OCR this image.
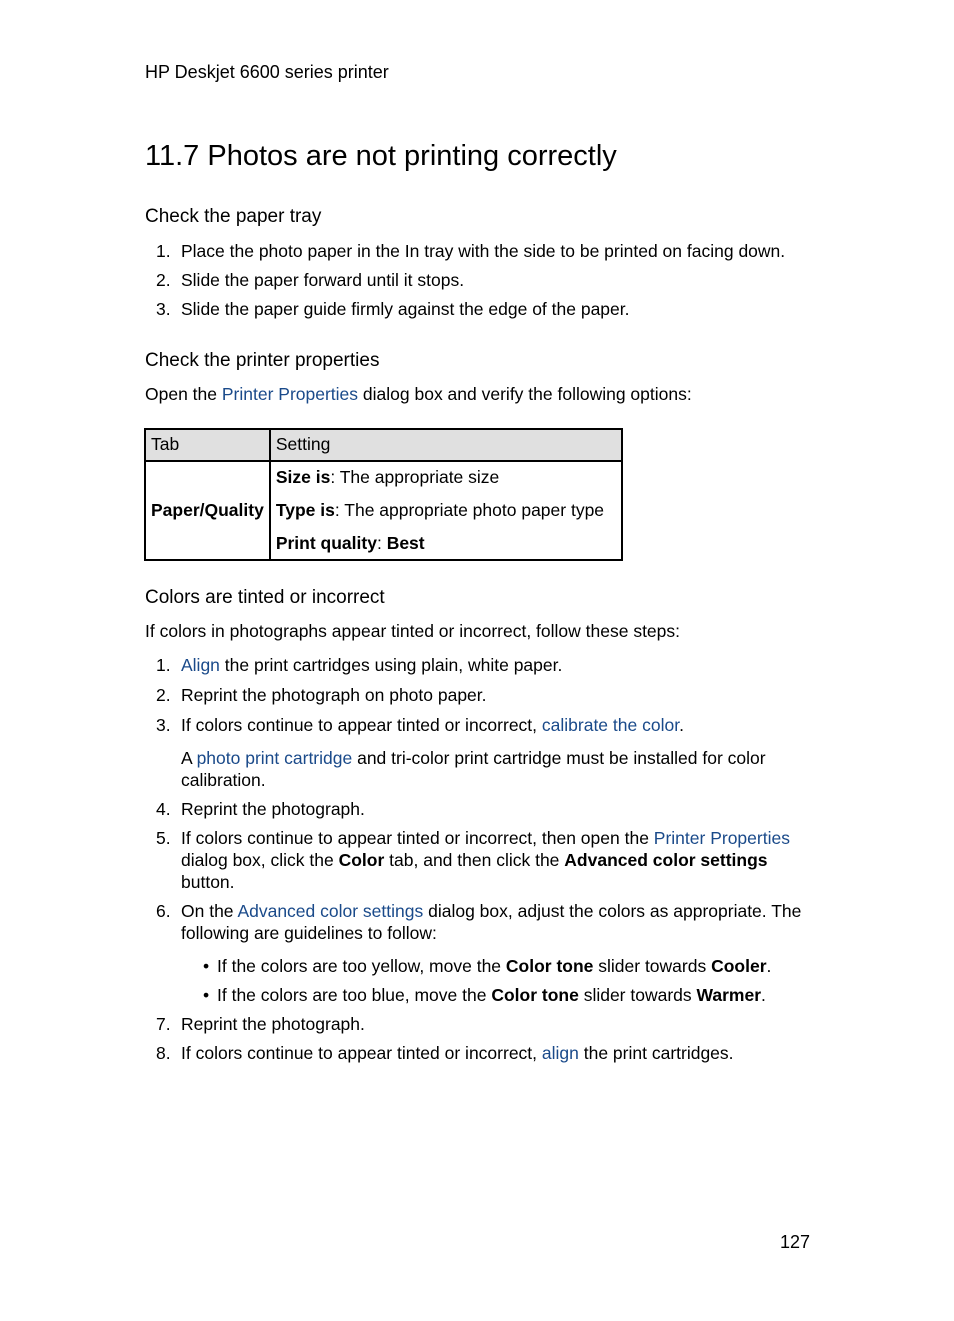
HP Deskjet 6600 series printer
11.7 Photos are not printing correctly
Check the paper tray
1. Place the photo paper in the In tray with the side to be printed on facing down.
2. Slide the paper forward until it stops.
3. Slide the paper guide firmly against the edge of the paper.
Check the printer properties
Open the Printer Properties dialog box and verify the following options:
Tab	Setting
Paper/Quality	Size is: The appropriate size
Type is: The appropriate photo paper type
Print quality: Best
Colors are tinted or incorrect
If colors in photographs appear tinted or incorrect, follow these steps:
1. Align the print cartridges using plain, white paper.
2. Reprint the photograph on photo paper.
3. If colors continue to appear tinted or incorrect, calibrate the color.
A photo print cartridge and tri-color print cartridge must be installed for color calibration.
4. Reprint the photograph.
5. If colors continue to appear tinted or incorrect, then open the Printer Properties dialog box, click the Color tab, and then click the Advanced color settings button.
6. On the Advanced color settings dialog box, adjust the colors as appropriate. The following are guidelines to follow:
• If the colors are too yellow, move the Color tone slider towards Cooler.
• If the colors are too blue, move the Color tone slider towards Warmer.
7. Reprint the photograph.
8. If colors continue to appear tinted or incorrect, align the print cartridges.
127
